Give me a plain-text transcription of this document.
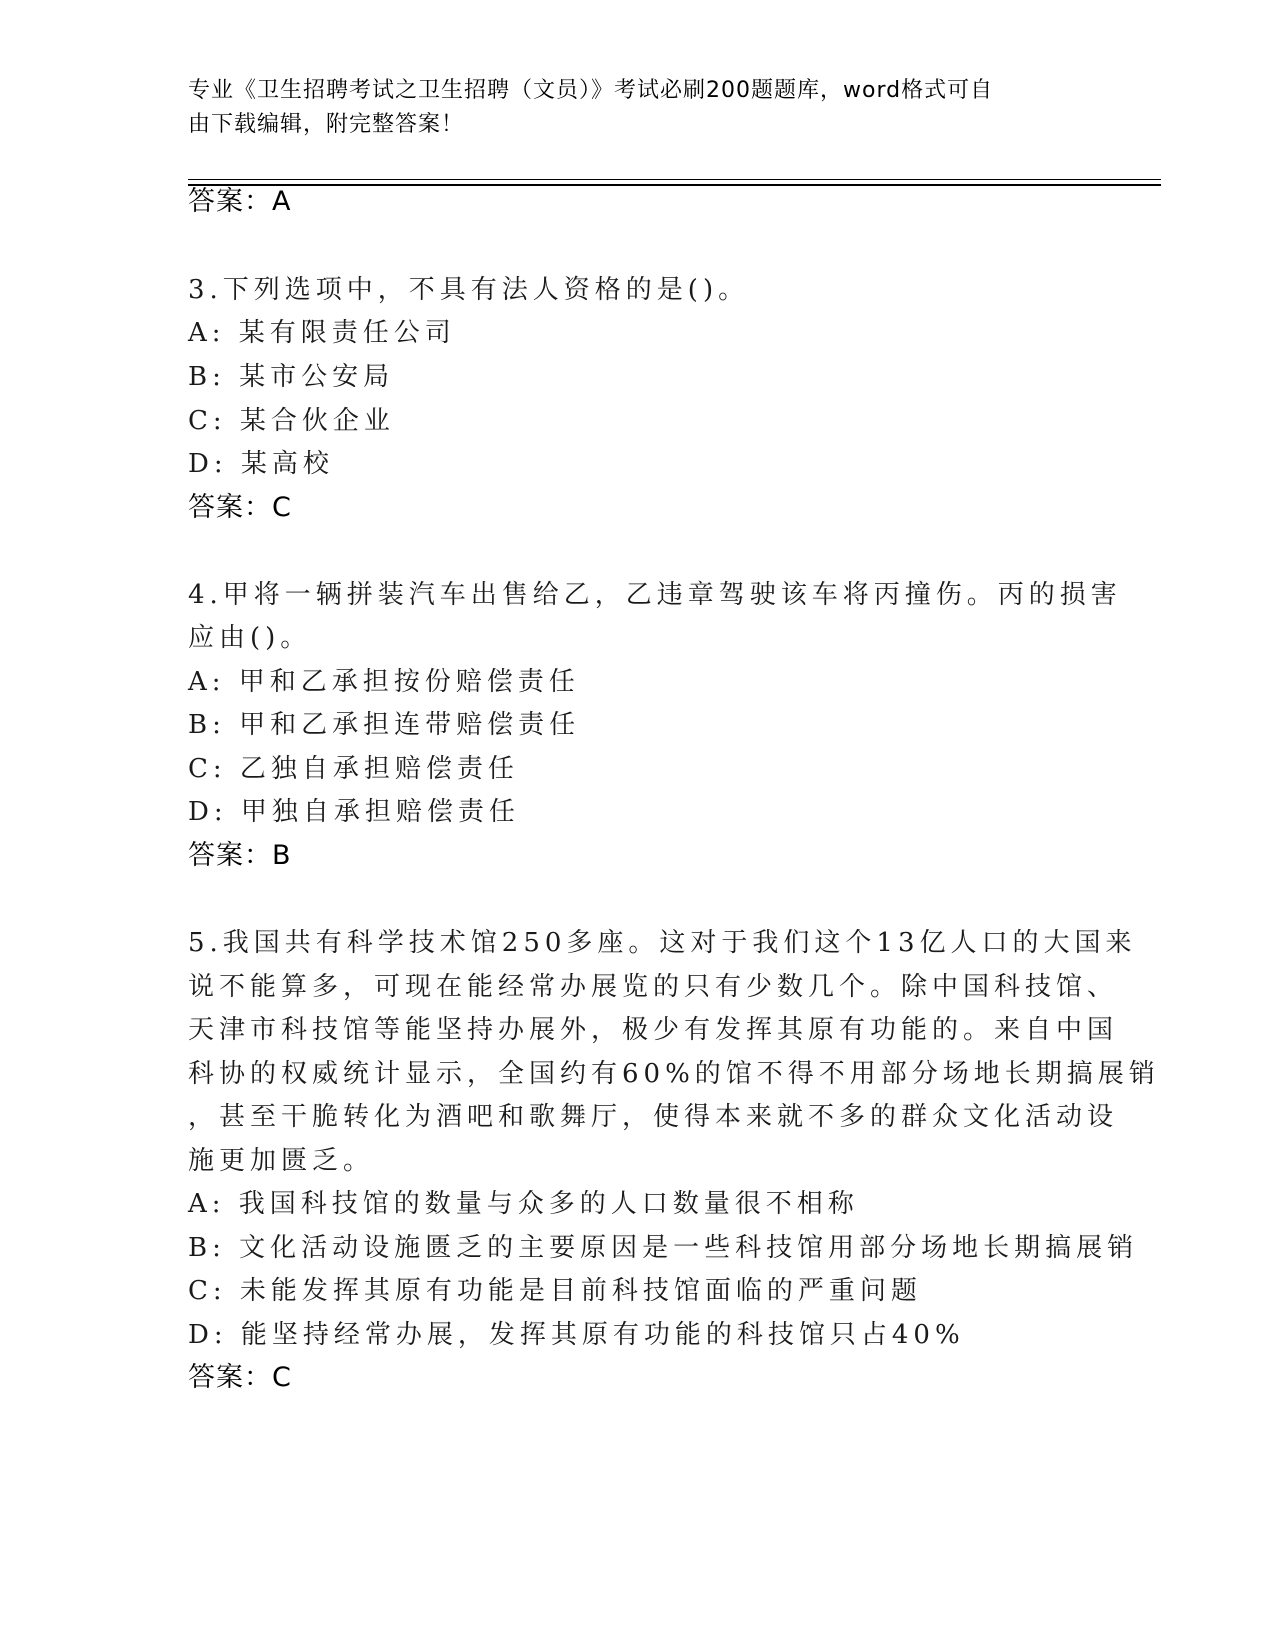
专业《卫生招聘考试之卫生招聘（文员）》考试必刷200题题库，word格式可自
由下载编辑，附完整答案！
答案：A
3.下列选项中，不具有法人资格的是()。
A: 某有限责任公司
B: 某市公安局
C: 某合伙企业
D: 某高校
答案：C
4.甲将一辆拼装汽车出售给乙，乙违章驾驶该车将丙撞伤。丙的损害
应由()。
A: 甲和乙承担按份赔偿责任
B: 甲和乙承担连带赔偿责任
C: 乙独自承担赔偿责任
D: 甲独自承担赔偿责任
答案：B
5.我国共有科学技术馆250多座。这对于我们这个13亿人口的大国来
说不能算多，可现在能经常办展览的只有少数几个。除中国科技馆、
天津市科技馆等能坚持办展外，极少有发挥其原有功能的。来自中国
科协的权威统计显示，全国约有60%的馆不得不用部分场地长期搞展销
，甚至干脆转化为酒吧和歌舞厅，使得本来就不多的群众文化活动设
施更加匮乏。
A: 我国科技馆的数量与众多的人口数量很不相称
B: 文化活动设施匮乏的主要原因是一些科技馆用部分场地长期搞展销
C: 未能发挥其原有功能是目前科技馆面临的严重问题
D: 能坚持经常办展，发挥其原有功能的科技馆只占40%
答案：C
